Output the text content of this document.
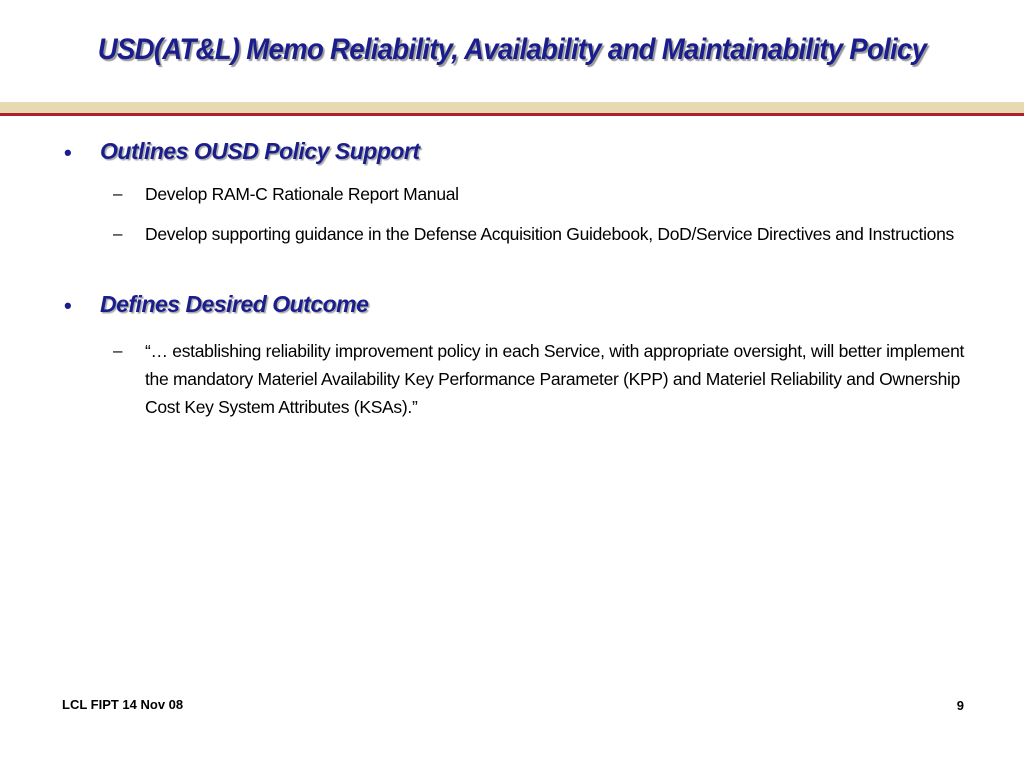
USD(AT&L) Memo Reliability, Availability and Maintainability Policy
• Outlines OUSD Policy Support
– Develop RAM-C Rationale Report Manual
– Develop supporting guidance in the Defense Acquisition Guidebook, DoD/Service Directives and Instructions
• Defines Desired Outcome
– “… establishing reliability improvement policy in each Service, with appropriate oversight, will better implement the mandatory Materiel Availability Key Performance Parameter (KPP) and Materiel Reliability and Ownership Cost Key System Attributes (KSAs).”
LCL FIPT 14 Nov 08	9
